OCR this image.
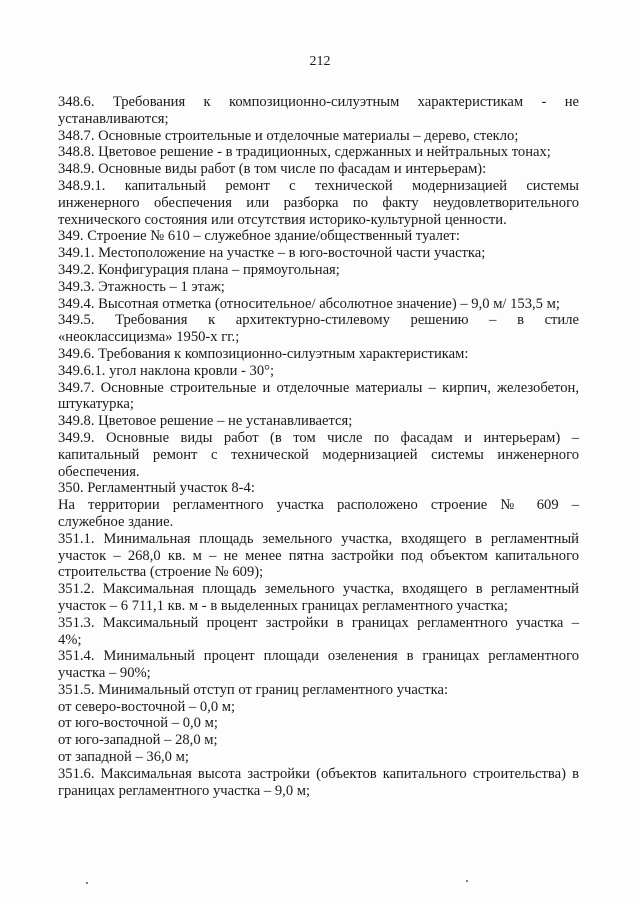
212
348.6. Требования к композиционно-силуэтным характеристикам - не
устанавливаются;
348.7. Основные строительные и отделочные материалы – дерево, стекло;
348.8. Цветовое решение - в традиционных, сдержанных и нейтральных тонах;
348.9. Основные виды работ (в том числе по фасадам и интерьерам):
348.9.1. капитальный ремонт с технической модернизацией системы
инженерного обеспечения или разборка по факту неудовлетворительного
технического состояния или отсутствия историко-культурной ценности.
349. Строение № 610 – служебное здание/общественный туалет:
349.1. Местоположение на участке – в юго-восточной части участка;
349.2. Конфигурация плана – прямоугольная;
349.3. Этажность – 1 этаж;
349.4. Высотная отметка (относительное/ абсолютное значение) – 9,0 м/ 153,5 м;
349.5. Требования к архитектурно-стилевому решению – в стиле
«неоклассицизма» 1950-х гг.;
349.6. Требования к композиционно-силуэтным характеристикам:
349.6.1. угол наклона кровли - 30°;
349.7. Основные строительные и отделочные материалы – кирпич, железобетон,
штукатурка;
349.8. Цветовое решение – не устанавливается;
349.9. Основные виды работ (в том числе по фасадам и интерьерам) –
капитальный ремонт с технической модернизацией системы инженерного
обеспечения.
350. Регламентный участок 8-4:
На территории регламентного участка расположено строение № 609 –
служебное здание.
351.1. Минимальная площадь земельного участка, входящего в регламентный
участок – 268,0 кв. м – не менее пятна застройки под объектом капитального
строительства (строение № 609);
351.2. Максимальная площадь земельного участка, входящего в регламентный
участок – 6 711,1 кв. м - в выделенных границах регламентного участка;
351.3. Максимальный процент застройки в границах регламентного участка –
4%;
351.4. Минимальный процент площади озеленения в границах регламентного
участка – 90%;
351.5. Минимальный отступ от границ регламентного участка:
от северо-восточной – 0,0 м;
от юго-восточной – 0,0 м;
от юго-западной – 28,0 м;
от западной – 36,0 м;
351.6. Максимальная высота застройки (объектов капитального строительства) в
границах регламентного участка – 9,0 м;
